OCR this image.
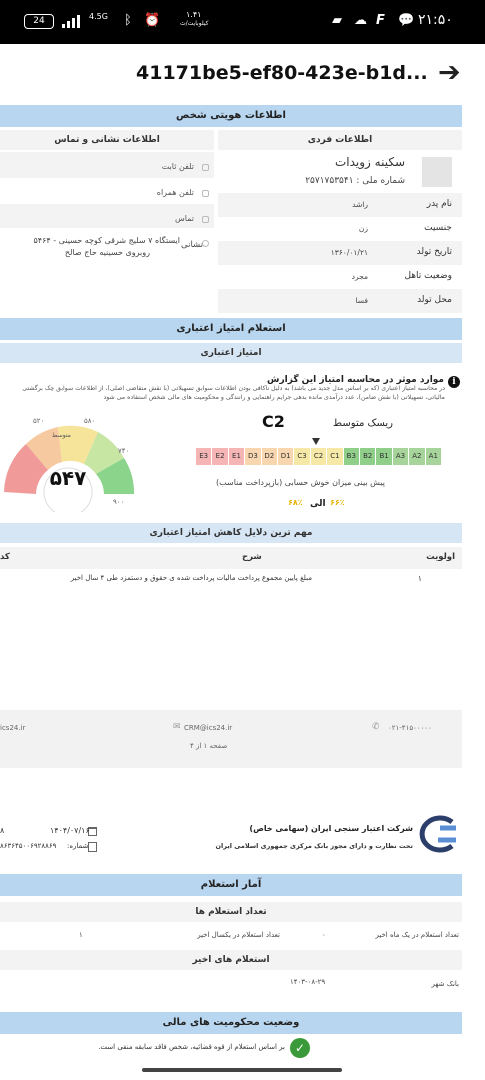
۲۱:۵۰
💬
☁ F
▰
۱.۴۱
کیلوبایت/ث
⏰
ᛒ
4.5G
24
41171be5-ef80-423e-b1d... ➔
اطلاعات هویتی شخص
اطلاعات فردی
اطلاعات نشانی و تماس
سکینه زویدات
شماره ملی : ۲۵۷۱۷۵۳۵۴۱
نام پدر
راشد
جنسیت
زن
تاریخ تولد
۱۳۶۰/۰۱/۲۱
وضعیت تاهل
مجرد
محل تولد
فسا
تلفن ثابت
تلفن همراه
تماس
نشانی
ایستگاه ۷ سلیج شرقی کوچه حسینی - ۵۴۶۴
روبروی حسینیه حاج صالح
استعلام امتیاز اعتباری
امتیاز اعتباری
i
موارد موثر در محاسبه امتیاز این گزارش
در محاسبه امتیاز اعتباری (که بر اساس مدل جدید می باشد) به دلیل ناکافی بودن اطلاعات سوابق تسهیلاتی (با نقش متقاضی اصلی)، از اطلاعات سوابق چک برگشتی
مالیاتی، تسهیلاتی (با نقش ضامن)، عدد درآمدی مانده بدهی جرایم راهنمایی و رانندگی و محکومیت های مالی شخص استفاده می شود
۵۴۷
۵۲۰	۵۸۰
۷۴۰
۹۰۰
متوسط
C2	ریسک متوسط
A1
A2
A3
B1
B2
B3
C1
C2
C3
D1
D2
D3
E1
E2
E3
پیش بینی میزان خوش حسابی (بازپرداخت مناسب)
۶۸٪ الی ۶۶٪
مهم ترین دلایل کاهش امتیاز اعتباری
اولویت
شرح
کد
۱
مبلغ پایین مجموع پرداخت مالیات پرداخت شده ی حقوق و دستمزد طی ۴ سال اخیر
✆ ۰۲۱-۴۱۵۰۰۰۰۰
✉ CRM@ics24.ir
ics24.ir
صفحه ۱ از ۴
شرکت اعتبار سنجی ایران (سهامی خاص)
تحت نظارت و دارای مجوز بانک مرکزی جمهوری اسلامی ایران
۱۴۰۴/۰۷/۱۶
شماره:
۸۶۳۶۴۵۰۰۶۹۲۸۸۶۹
۸
آمار استعلام
تعداد استعلام ها
تعداد استعلام در یک ماه اخیر
۰
تعداد استعلام در یکسال اخیر
۱
استعلام های اخیر
بانک شهر
۱۴۰۳-۰۸-۲۹
وضعیت محکومیت های مالی
✓
بر اساس استعلام از قوه قضائیه، شخص فاقد سابقه منفی است.
